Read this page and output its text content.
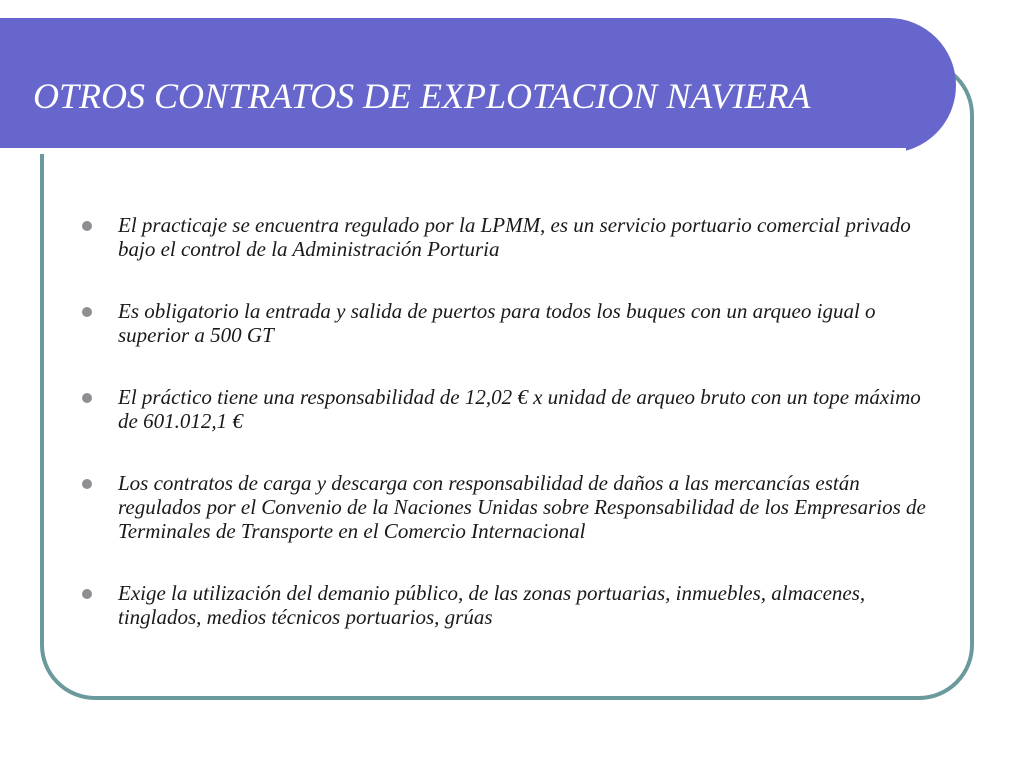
OTROS CONTRATOS DE EXPLOTACION NAVIERA
El practicaje se encuentra regulado por la LPMM, es un servicio portuario comercial privado bajo el control de la Administración Porturia
Es obligatorio la entrada y salida de puertos para todos los buques con un arqueo igual o superior a 500 GT
El práctico tiene una responsabilidad de 12,02 € x unidad de arqueo bruto con un tope máximo de 601.012,1 €
Los contratos de carga y descarga con responsabilidad de daños a las mercancías están regulados por el Convenio de la Naciones Unidas sobre Responsabilidad de los Empresarios de Terminales de Transporte en el Comercio Internacional
Exige la utilización del demanio público, de las zonas portuarias, inmuebles, almacenes, tinglados, medios técnicos portuarios, grúas
